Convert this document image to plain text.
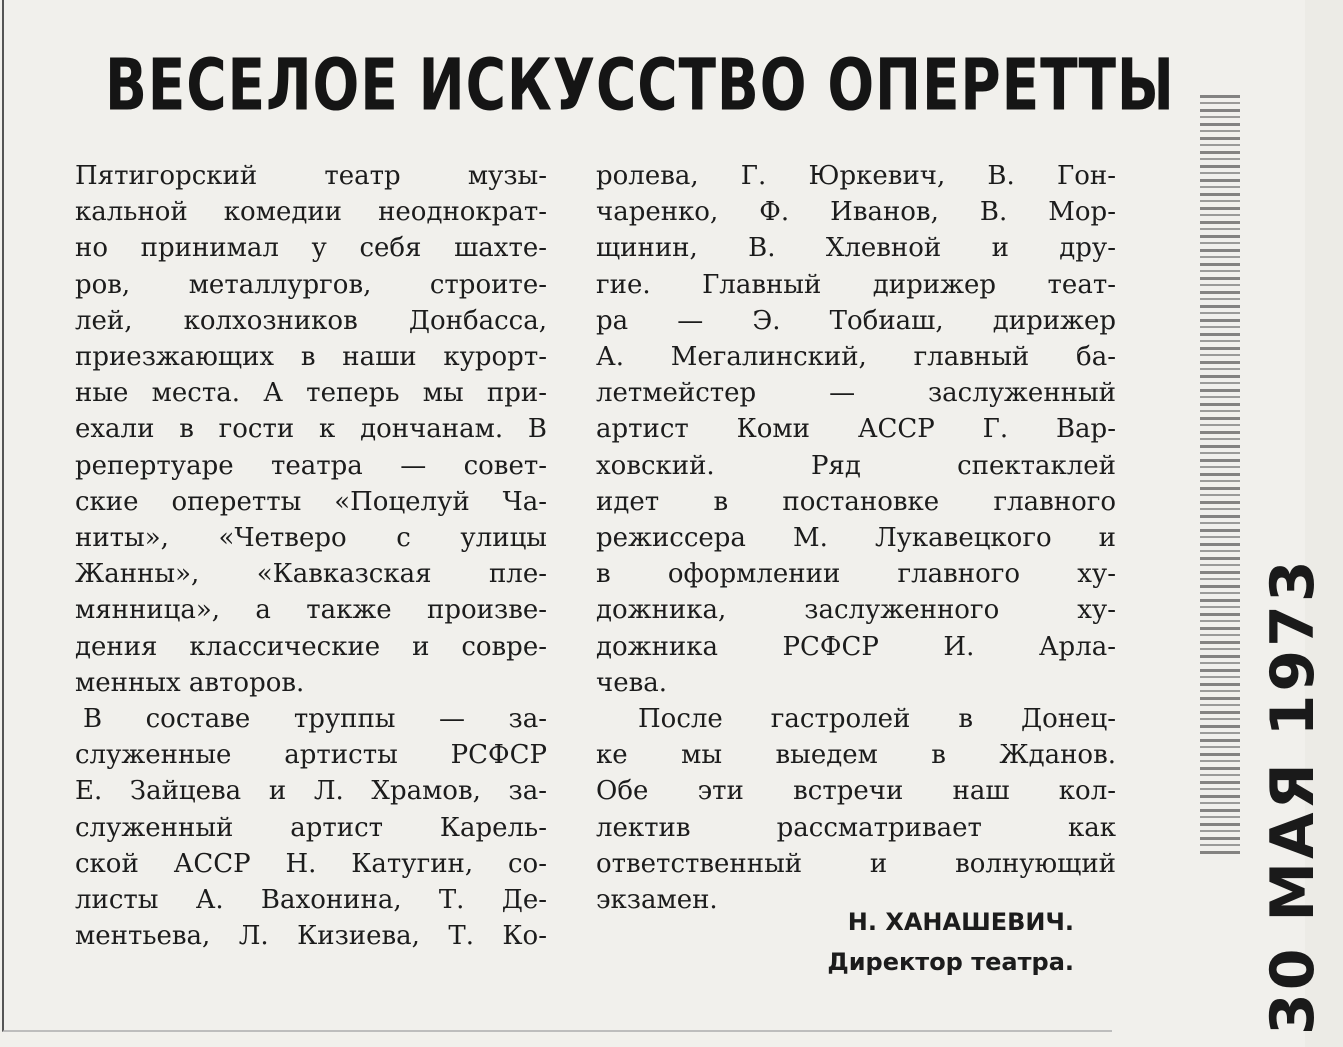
ВЕСЕЛОЕ ИСКУССТВО ОПЕРЕТТЫ
Пятигорский театр музы-
кальной комедии неоднократ-
но принимал у себя шахте-
ров, металлургов, строите-
лей, колхозников Донбасса,
приезжающих в наши курорт-
ные места. А теперь мы при-
ехали в гости к дончанам. В
репертуаре театра — совет-
ские оперетты «Поцелуй Ча-
ниты», «Четверо с улицы
Жанны», «Кавказская пле-
мянница», а также произве-
дения классические и совре-
менных авторов.
В составе труппы — за-
служенные артисты РСФСР
Е. Зайцева и Л. Храмов, за-
служенный артист Карель-
ской АССР Н. Катугин, со-
листы А. Вахонина, Т. Де-
ментьева, Л. Кизиева, Т. Ко-
ролева, Г. Юркевич, В. Гон-
чаренко, Ф. Иванов, В. Мор-
щинин, В. Хлевной и дру-
гие. Главный дирижер теат-
ра — Э. Тобиаш, дирижер
А. Мегалинский, главный ба-
летмейстер — заслуженный
артист Коми АССР Г. Вар-
ховский. Ряд спектаклей
идет в постановке главного
режиссера М. Лукавецкого и
в оформлении главного ху-
дожника, заслуженного ху-
дожника РСФСР И. Арла-
чева.
После гастролей в Донец-
ке мы выедем в Жданов.
Обе эти встречи наш кол-
лектив рассматривает как
ответственный и волнующий
экзамен.
Н. ХАНАШЕВИЧ.
Директор театра.	30 МАЯ 1973
